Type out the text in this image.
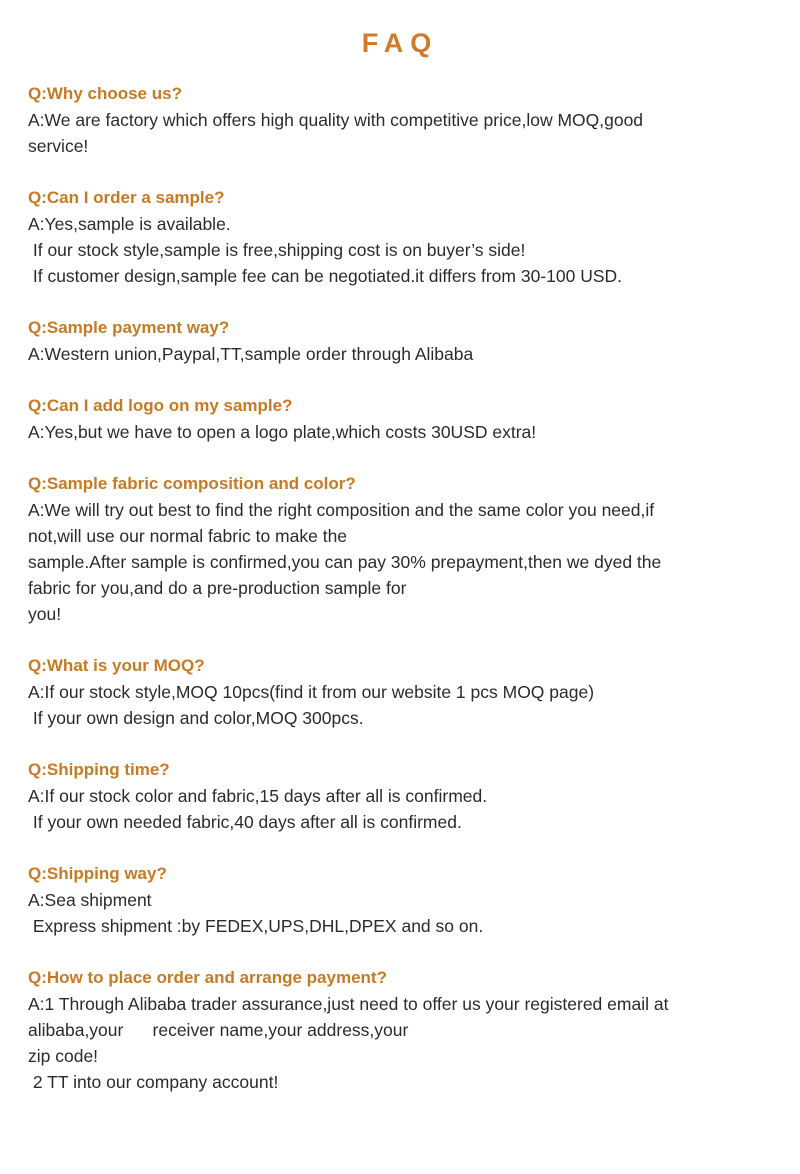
FAQ

Q:Why choose us?

A:We are factory which offers high quality with competitive price,low MOQ,good

service!

Q:Can I order a sample?

A:Yes,sample is available.

If our stock style,sample is free,shipping cost is on buyer’s side!

If customer design,sample fee can be negotiated.it differs from 30-100 USD.

Q:Sample payment way?

A:Western union,Paypal,TT,sample order through Alibaba

Q:Can I add logo on my sample?

A:Yes,but we have to open a logo plate,which costs 30USD extra!

Q:Sample fabric composition and color?

A:We will try out best to find the right composition and the same color you need,if

not,will use our normal fabric to make the

sample.After sample is confirmed,you can pay 30% prepayment,then we dyed the

fabric for you,and do a pre-production sample for

you!

Q:What is your MOQ?

A:If our stock style,MOQ 10pcs(find it from our website 1 pcs MOQ page)

If your own design and color,MOQ 300pcs.

Q:Shipping time?

A:If our stock color and fabric,15 days after all is confirmed.

If your own needed fabric,40 days after all is confirmed.

Q:Shipping way?

A:Sea shipment

Express shipment :by FEDEX,UPS,DHL,DPEX and so on.

Q:How to place order and arrange payment?

A:1 Through Alibaba trader assurance,just need to offer us your registered email at

alibaba,your      receiver name,your address,your

zip code!

2 TT into our company account!
